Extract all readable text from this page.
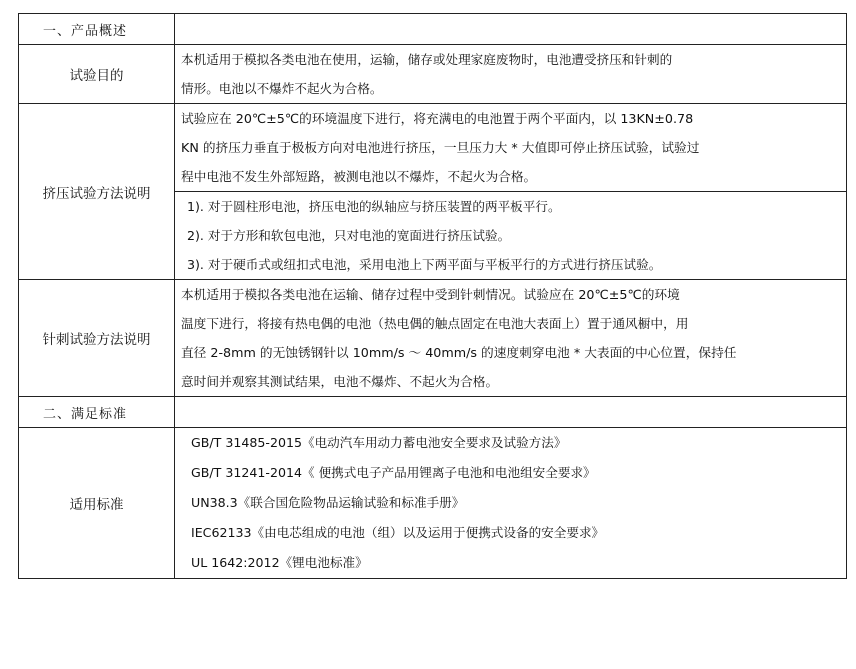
一、产品概述	
试验目的	本机适用于模拟各类电池在使用，运输，储存或处理家庭废物时，电池遭受挤压和针刺的
情形。电池以不爆炸不起火为合格。

挤压试验方法说明	试验应在 20℃±5℃的环境温度下进行，将充满电的电池置于两个平面内，以 13KN±0.78
KN 的挤压力垂直于极板方向对电池进行挤压，一旦压力大 * 大值即可停止挤压试验，试验过
程中电池不发生外部短路，被测电池以不爆炸，不起火为合格。

	1). 对于圆柱形电池，挤压电池的纵轴应与挤压装置的两平板平行。
2). 对于方形和软包电池，只对电池的宽面进行挤压试验。
3). 对于硬币式或纽扣式电池，采用电池上下两平面与平板平行的方式进行挤压试验。

针刺试验方法说明	本机适用于模拟各类电池在运输、储存过程中受到针刺情况。试验应在 20℃±5℃的环境
温度下进行，将接有热电偶的电池（热电偶的触点固定在电池大表面上）置于通风橱中，用
直径 2-8mm 的无蚀锈钢针以 10mm/s ～ 40mm/s 的速度刺穿电池 * 大表面的中心位置，保持任
意时间并观察其测试结果，电池不爆炸、不起火为合格。

二、满足标准	
适用标准	GB/T 31485-2015《电动汽车用动力蓄电池安全要求及试验方法》
GB/T 31241-2014《 便携式电子产品用锂离子电池和电池组安全要求》
UN38.3《联合国危险物品运输试验和标准手册》
IEC62133《由电芯组成的电池（组）以及运用于便携式设备的安全要求》
UL 1642:2012《锂电池标准》
